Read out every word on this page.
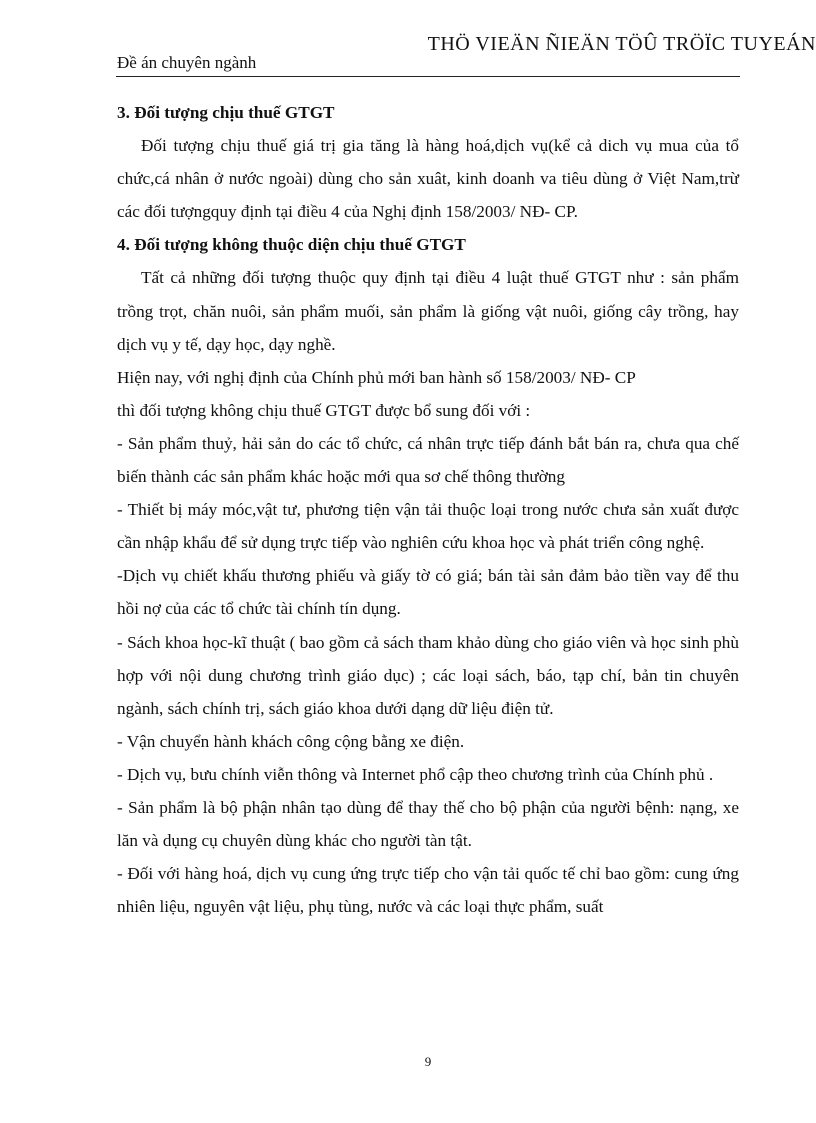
THÖ VIEÄN ÑIEÄN TÖÛ TRÖÏC TUYEÁN
Đề án chuyên ngành
3. Đối tượng chịu thuế GTGT

Đối tượng chịu thuế giá trị gia tăng là hàng hoá,dịch vụ(kể cả dich vụ mua của tổ chức,cá nhân ở nước ngoài) dùng cho sản xuât, kinh doanh va tiêu dùng ở Việt Nam,trừ các đối tượngquy định tại điều 4 của Nghị định 158/2003/ NĐ- CP.

4. Đối tượng không thuộc diện chịu thuế GTGT

Tất cả những đối tượng thuộc quy định tại điều 4 luật thuế GTGT như : sản phẩm trồng trọt, chăn nuôi, sản phẩm muối, sản phẩm là giống vật nuôi, giống cây trồng, hay dịch vụ y tế, dạy học, dạy nghề.

Hiện nay, với nghị định của Chính phủ mới ban hành số 158/2003/ NĐ- CP

thì đối tượng không chịu thuế GTGT được bổ sung đối với :

- Sản phẩm thuỷ, hải sản do các tổ chức, cá nhân trực tiếp đánh bắt bán ra, chưa qua chế biến thành các sản phẩm khác hoặc mới qua sơ chế thông thường

- Thiết bị máy móc,vật tư, phương tiện vận tải thuộc loại trong nước chưa sản xuất được cần nhập khẩu để sử dụng trực tiếp vào nghiên cứu khoa học và phát triển công nghệ.

-Dịch vụ chiết khấu thương phiếu và giấy tờ có giá; bán tài sản đảm bảo tiền vay để thu hồi nợ của các tổ chức tài chính tín dụng.

- Sách khoa học-kĩ thuật ( bao gồm cả sách tham khảo dùng cho giáo viên và học sinh phù hợp với nội dung chương trình giáo dục) ; các loại sách, báo, tạp chí, bản tin chuyên ngành, sách chính trị, sách giáo khoa dưới dạng dữ liệu điện tử.

- Vận chuyển hành khách công cộng bằng xe điện.

- Dịch vụ, bưu chính viễn thông và Internet phổ cập theo chương trình của Chính phủ .

- Sản phẩm là bộ phận nhân tạo dùng để thay thế cho bộ phận của người bệnh: nạng, xe lăn và dụng cụ chuyên dùng khác cho người tàn tật.

- Đối với hàng hoá, dịch vụ cung ứng trực tiếp cho vận tải quốc tế chỉ bao gồm: cung ứng nhiên liệu, nguyên vật liệu, phụ tùng, nước và các loại thực phẩm, suất

9
